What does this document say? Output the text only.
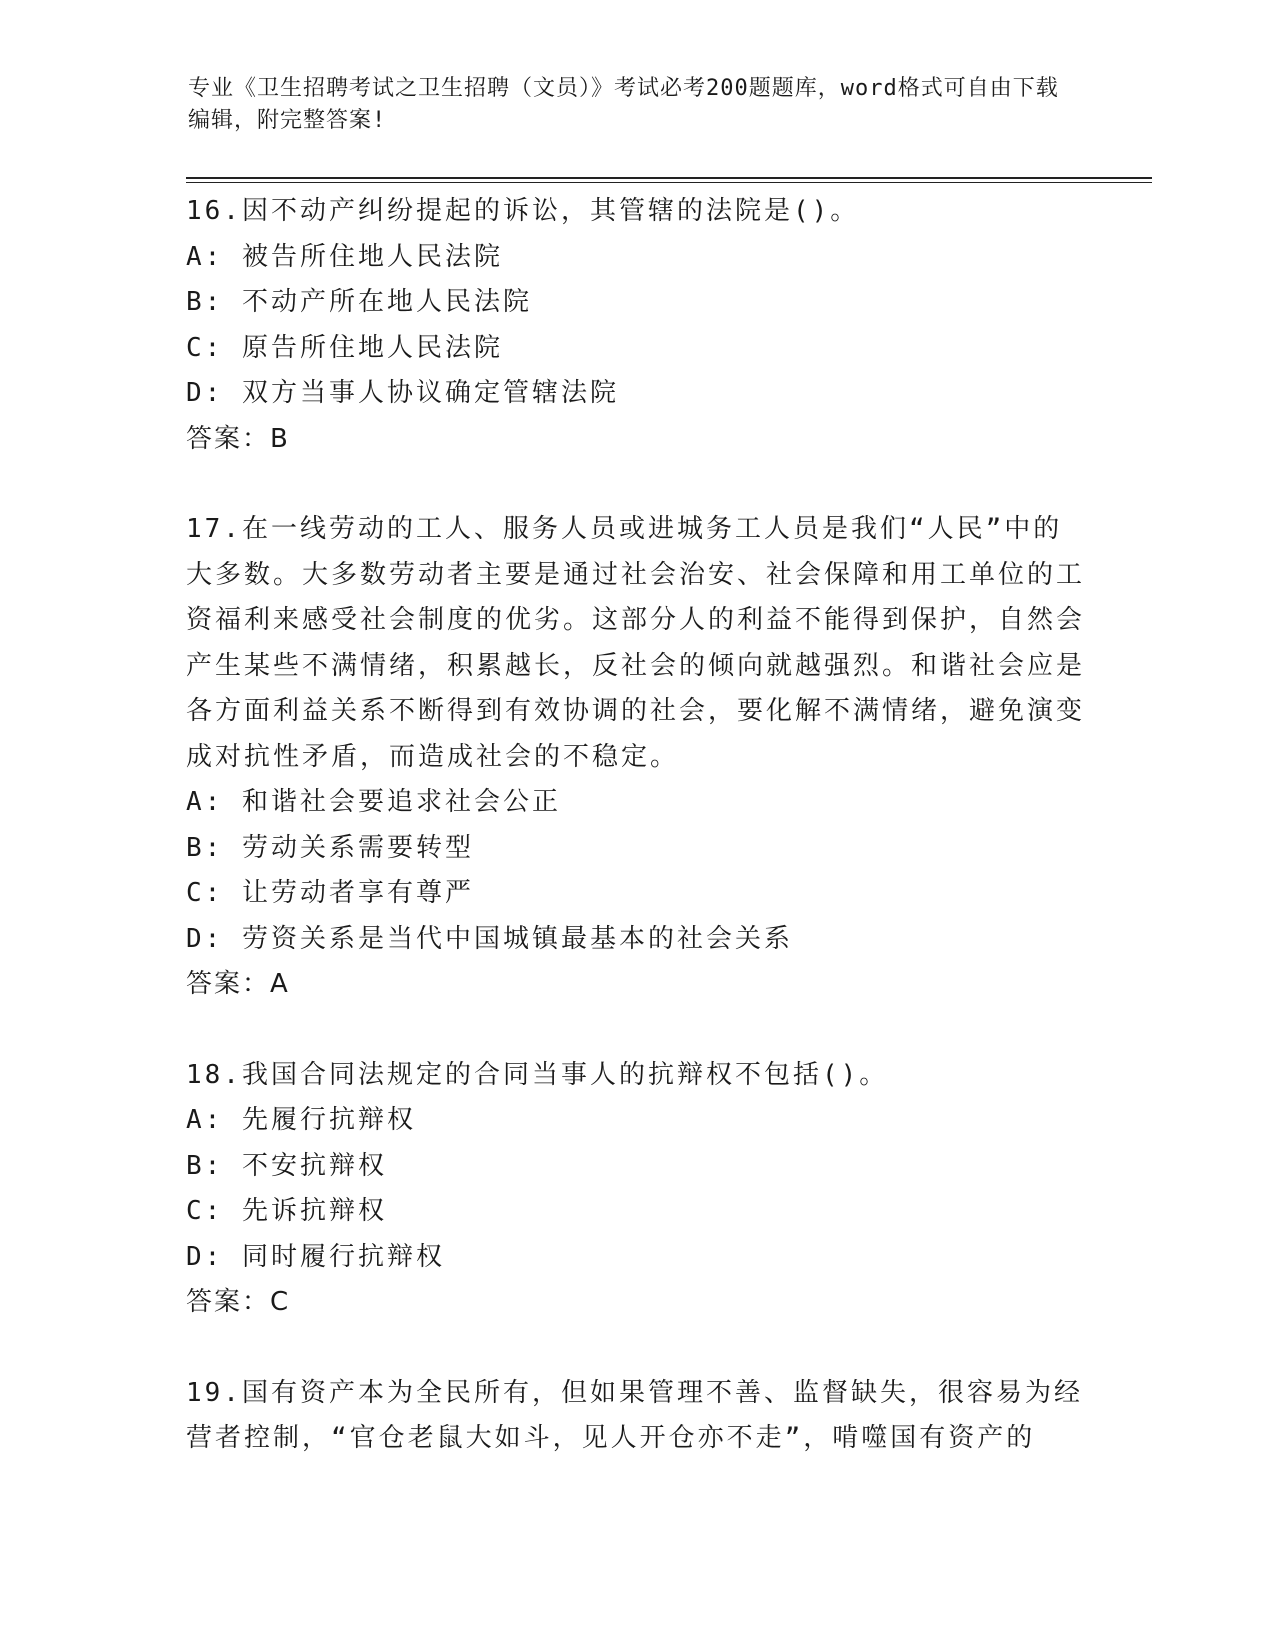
专业《卫生招聘考试之卫生招聘（文员）》考试必考200题题库，word格式可自由下载编辑，附完整答案!
16.因不动产纠纷提起的诉讼，其管辖的法院是()。
A: 被告所住地人民法院
B: 不动产所在地人民法院
C: 原告所住地人民法院
D: 双方当事人协议确定管辖法院
答案：B
17.在一线劳动的工人、服务人员或进城务工人员是我们“人民”中的大多数。大多数劳动者主要是通过社会治安、社会保障和用工单位的工资福利来感受社会制度的优劣。这部分人的利益不能得到保护，自然会产生某些不满情绪，积累越长，反社会的倾向就越强烈。和谐社会应是各方面利益关系不断得到有效协调的社会，要化解不满情绪，避免演变成对抗性矛盾，而造成社会的不稳定。
A: 和谐社会要追求社会公正
B: 劳动关系需要转型
C: 让劳动者享有尊严
D: 劳资关系是当代中国城镇最基本的社会关系
答案：A
18.我国合同法规定的合同当事人的抗辩权不包括()。
A: 先履行抗辩权
B: 不安抗辩权
C: 先诉抗辩权
D: 同时履行抗辩权
答案：C
19.国有资产本为全民所有，但如果管理不善、监督缺失，很容易为经营者控制，“官仓老鼠大如斗，见人开仓亦不走”，啃噬国有资产的
